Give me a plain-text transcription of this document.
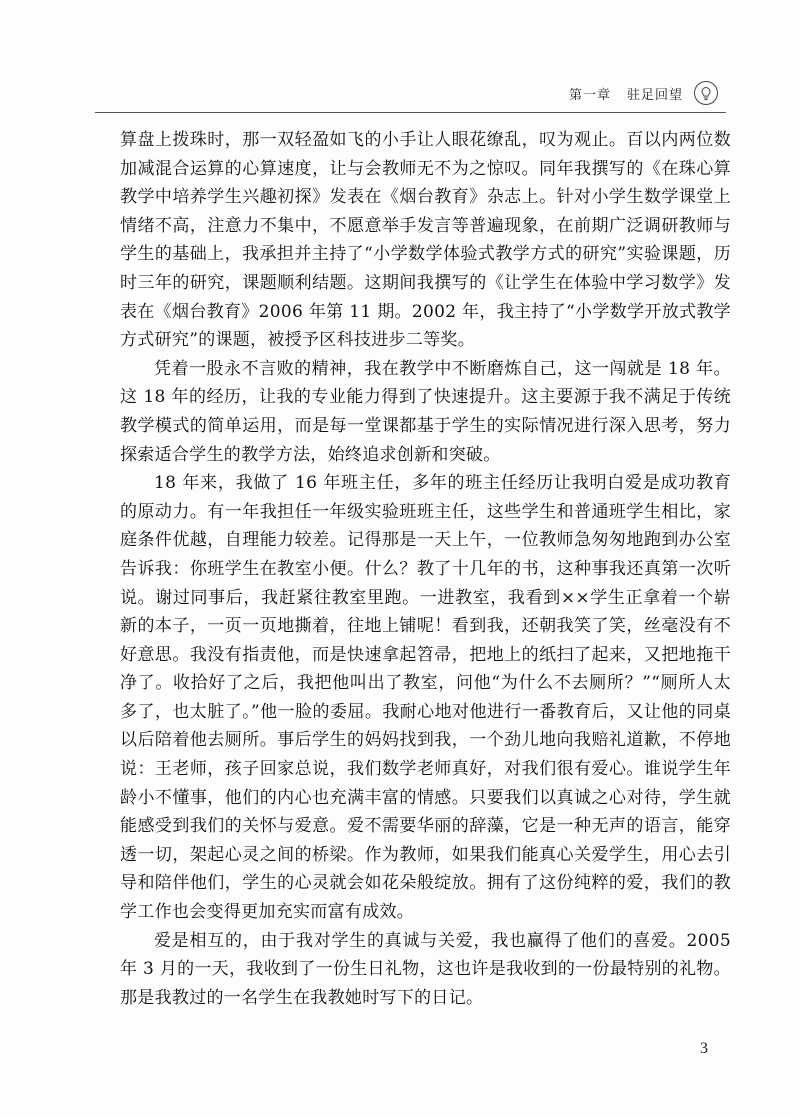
第一章 驻足回望

算盘上拨珠时，那一双轻盈如飞的小手让人眼花缭乱，叹为观止。百以内两位数加减混合运算的心算速度，让与会教师无不为之惊叹。同年我撰写的《在珠心算教学中培养学生兴趣初探》发表在《烟台教育》杂志上。针对小学生数学课堂上情绪不高，注意力不集中，不愿意举手发言等普遍现象，在前期广泛调研教师与学生的基础上，我承担并主持了“小学数学体验式教学方式的研究”实验课题，历时三年的研究，课题顺利结题。这期间我撰写的《让学生在体验中学习数学》发表在《烟台教育》2006 年第 11 期。2002 年，我主持了“小学数学开放式教学方式研究”的课题，被授予区科技进步二等奖。

凭着一股永不言败的精神，我在教学中不断磨炼自己，这一闯就是 18 年。这 18 年的经历，让我的专业能力得到了快速提升。这主要源于我不满足于传统教学模式的简单运用，而是每一堂课都基于学生的实际情况进行深入思考，努力探索适合学生的教学方法，始终追求创新和突破。

18 年来，我做了 16 年班主任，多年的班主任经历让我明白爱是成功教育的原动力。有一年我担任一年级实验班班主任，这些学生和普通班学生相比，家庭条件优越，自理能力较差。记得那是一天上午，一位教师急匆匆地跑到办公室告诉我：你班学生在教室小便。什么？教了十几年的书，这种事我还真第一次听说。谢过同事后，我赶紧往教室里跑。一进教室，我看到××学生正拿着一个崭新的本子，一页一页地撕着，往地上铺呢！看到我，还朝我笑了笑，丝毫没有不好意思。我没有指责他，而是快速拿起笤帚，把地上的纸扫了起来，又把地拖干净了。收拾好了之后，我把他叫出了教室，问他“为什么不去厕所？”“厕所人太多了，也太脏了。”他一脸的委屈。我耐心地对他进行一番教育后，又让他的同桌以后陪着他去厕所。事后学生的妈妈找到我，一个劲儿地向我赔礼道歉，不停地说：王老师，孩子回家总说，我们数学老师真好，对我们很有爱心。谁说学生年龄小不懂事，他们的内心也充满丰富的情感。只要我们以真诚之心对待，学生就能感受到我们的关怀与爱意。爱不需要华丽的辞藻，它是一种无声的语言，能穿透一切，架起心灵之间的桥梁。作为教师，如果我们能真心关爱学生，用心去引导和陪伴他们，学生的心灵就会如花朵般绽放。拥有了这份纯粹的爱，我们的教学工作也会变得更加充实而富有成效。

爱是相互的，由于我对学生的真诚与关爱，我也赢得了他们的喜爱。2005 年 3 月的一天，我收到了一份生日礼物，这也许是我收到的一份最特别的礼物。那是我教过的一名学生在我教她时写下的日记。

3
